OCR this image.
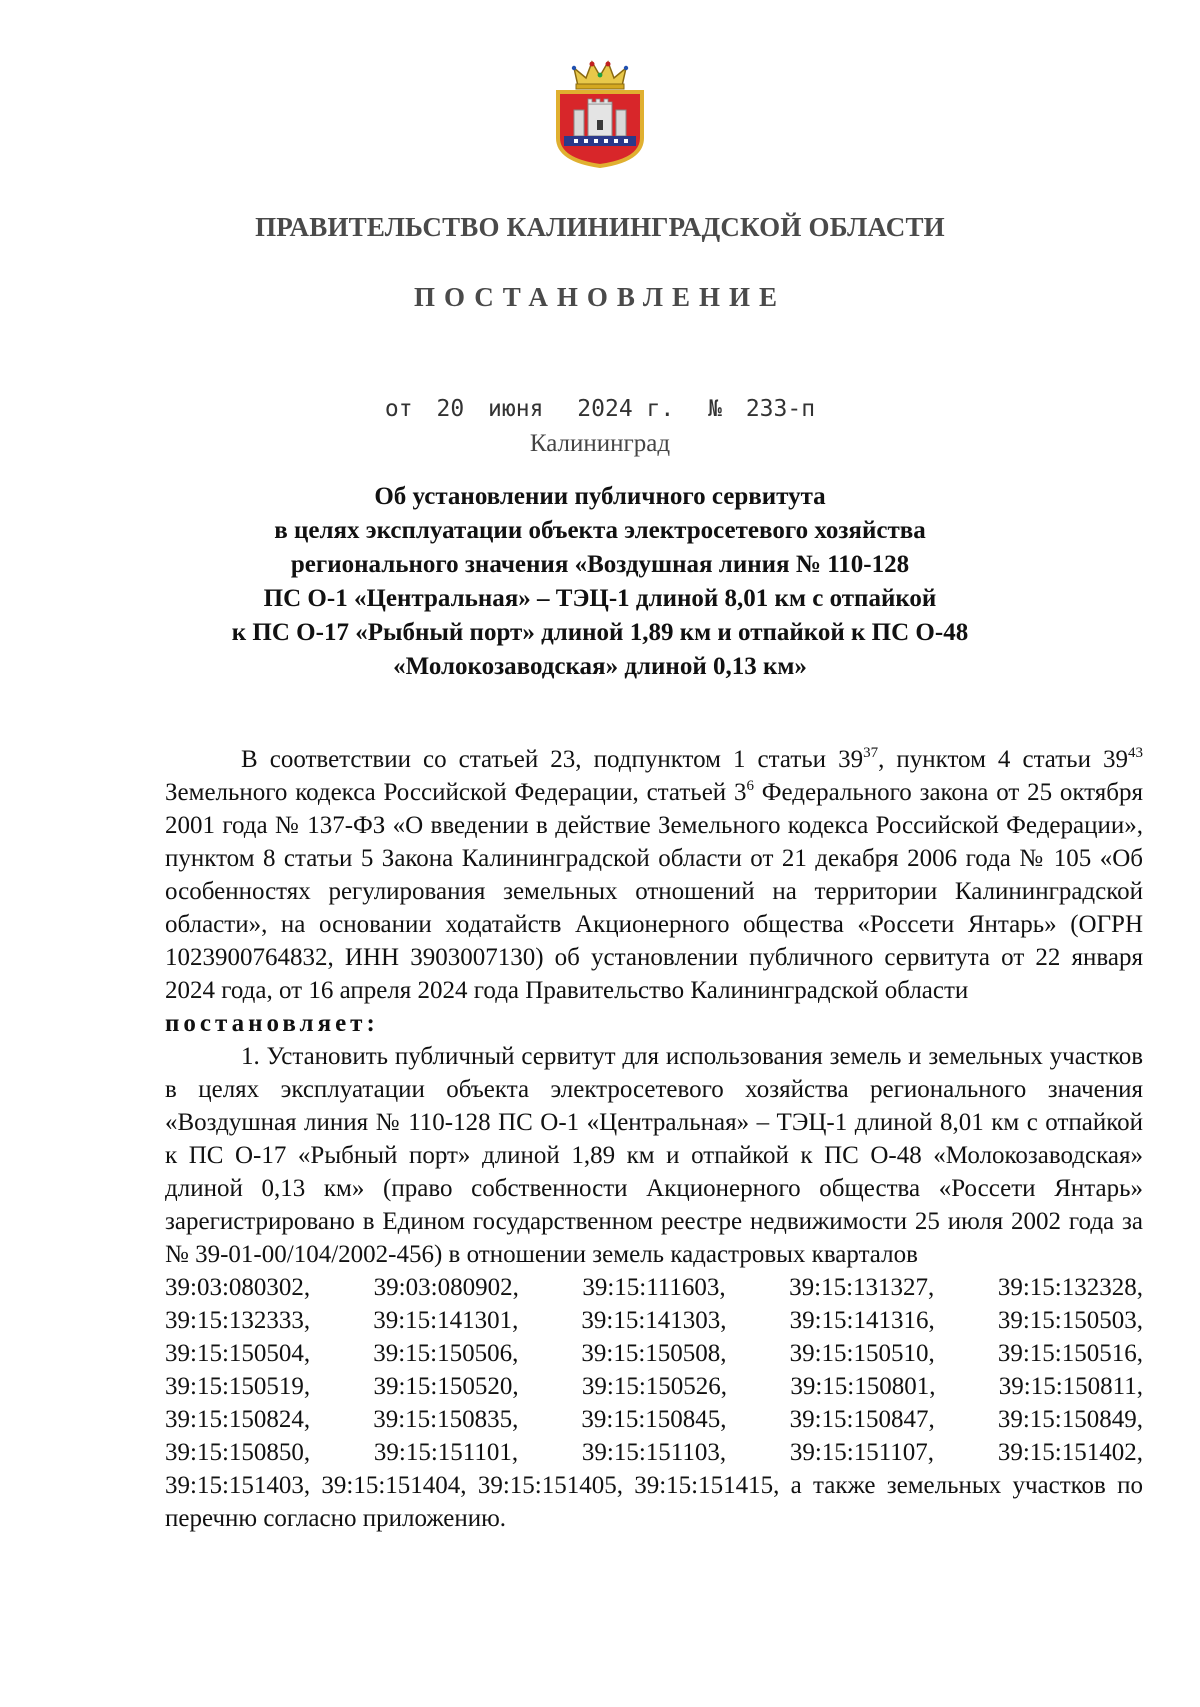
ПРАВИТЕЛЬСТВО КАЛИНИНГРАДСКОЙ ОБЛАСТИ
ПОСТАНОВЛЕНИЕ
от 20 июня 2024 г. № 233-п
Калининград
Об установлении публичного сервитута
в целях эксплуатации объекта электросетевого хозяйства
регионального значения «Воздушная линия № 110-128
ПС О-1 «Центральная» – ТЭЦ-1 длиной 8,01 км с отпайкой
к ПС О-17 «Рыбный порт» длиной 1,89 км и отпайкой к ПС О-48
«Молокозаводская» длиной 0,13 км»

В соответствии со статьей 23, подпунктом 1 статьи $39^{37}$, пунктом 4 статьи $39^{43}$ Земельного кодекса Российской Федерации, статьей $3^6$ Федерального закона от 25 октября 2001 года № 137-ФЗ «О введении в действие Земельного кодекса Российской Федерации», пунктом 8 статьи 5 Закона Калининградской области от 21 декабря 2006 года № 105 «Об особенностях регулирования земельных отношений на территории Калининградской области», на основании ходатайств Акционерного общества «Россети Янтарь» (ОГРН 1023900764832, ИНН 3903007130) об установлении публичного сервитута от 22 января 2024 года, от 16 апреля 2024 года Правительство Калининградской области

постановляет:

1. Установить публичный сервитут для использования земель и земельных участков в целях эксплуатации объекта электросетевого хозяйства регионального значения «Воздушная линия № 110-128 ПС О-1 «Центральная» – ТЭЦ-1 длиной 8,01 км с отпайкой к ПС О-17 «Рыбный порт» длиной 1,89 км и отпайкой к ПС О-48 «Молокозаводская» длиной 0,13 км» (право собственности Акционерного общества «Россети Янтарь» зарегистрировано в Едином государственном реестре недвижимости 25 июля 2002 года за № 39-01-00/104/2002-456) в отношении земель кадастровых кварталов

39:03:080302,	39:03:080902,	39:15:111603,	39:15:131327,	39:15:132328,
39:15:132333,	39:15:141301,	39:15:141303,	39:15:141316,	39:15:150503,
39:15:150504,	39:15:150506,	39:15:150508,	39:15:150510,	39:15:150516,
39:15:150519,	39:15:150520,	39:15:150526,	39:15:150801,	39:15:150811,
39:15:150824,	39:15:150835,	39:15:150845,	39:15:150847,	39:15:150849,
39:15:150850,	39:15:151101,	39:15:151103,	39:15:151107,	39:15:151402,

39:15:151403, 39:15:151404, 39:15:151405, 39:15:151415, а также земельных участков по перечню согласно приложению.
